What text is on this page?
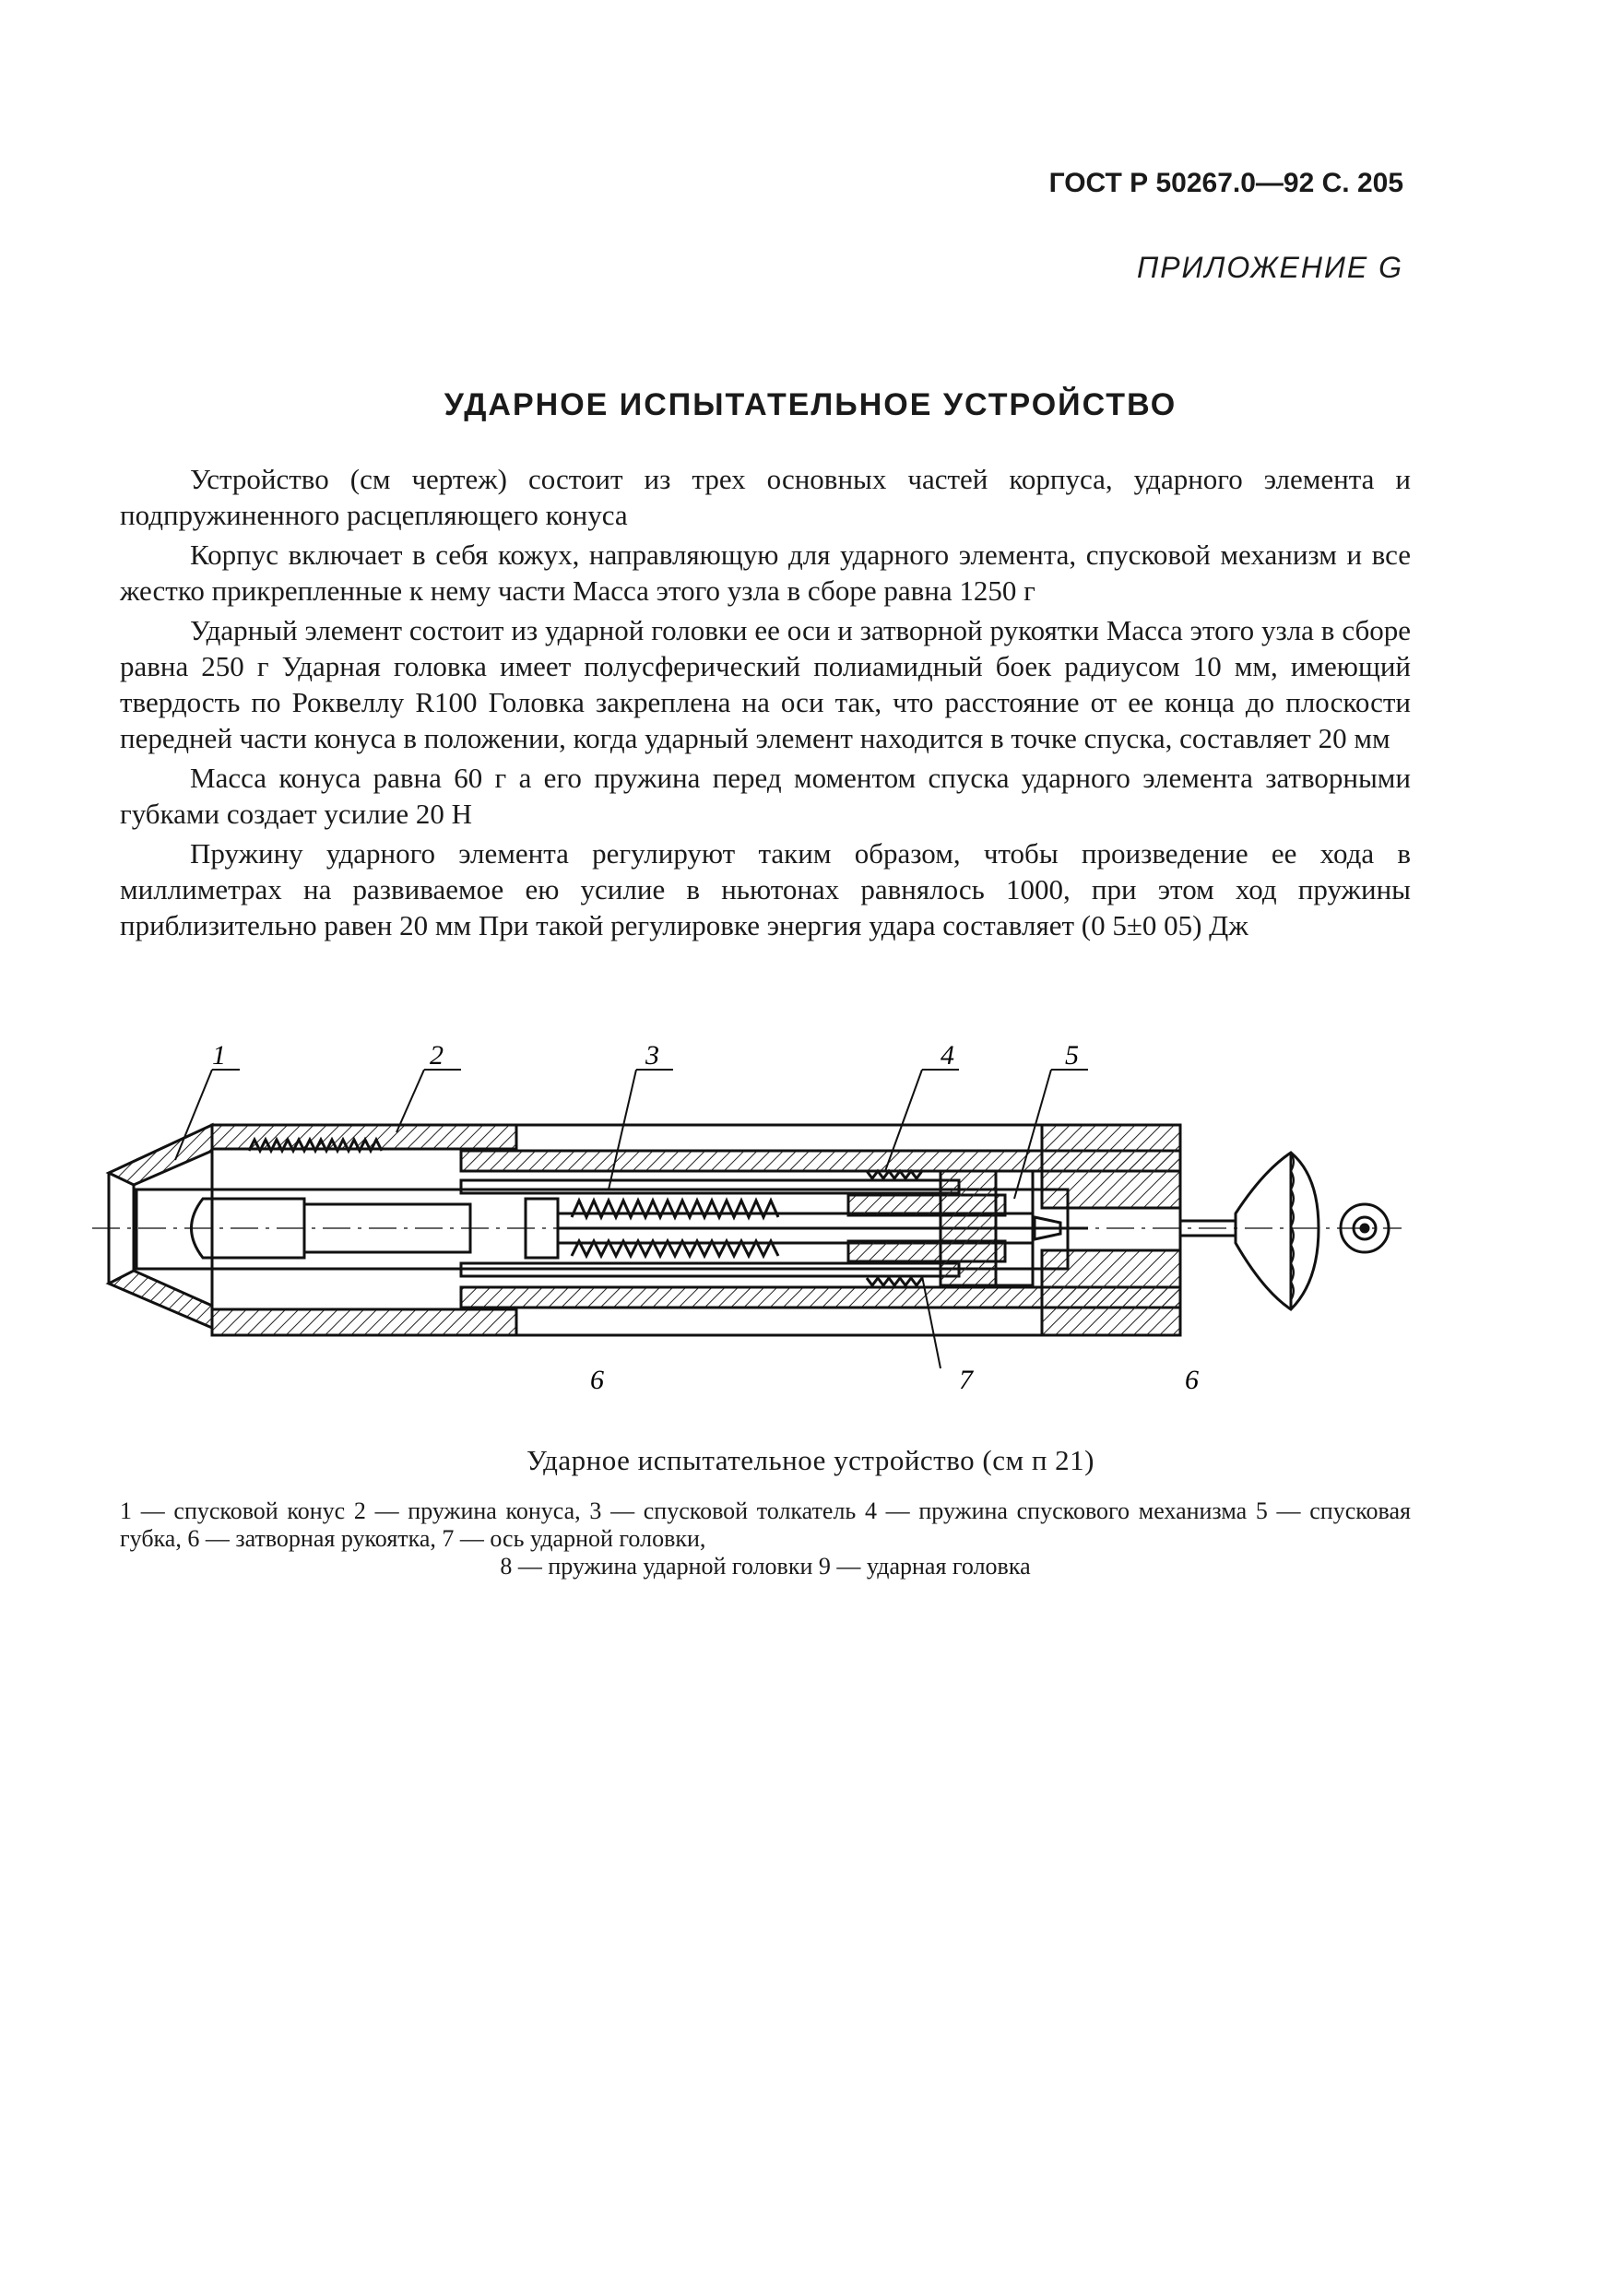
ГОСТ Р 50267.0—92 С. 205
ПРИЛОЖЕНИЕ G
УДАРНОЕ ИСПЫТАТЕЛЬНОЕ УСТРОЙСТВО

Устройство (см чертеж) состоит из трех основных частей корпуса, ударного элемента и подпружиненного расцепляющего конуса

Корпус включает в себя кожух, направляющую для ударного элемента, спусковой механизм и все жестко прикрепленные к нему части Масса этого узла в сборе равна 1250 г

Ударный элемент состоит из ударной головки ее оси и затворной рукоятки Масса этого узла в сборе равна 250 г Ударная головка имеет полусферический полиамидный боек радиусом 10 мм, имеющий твердость по Роквеллу R100 Головка закреплена на оси так, что расстояние от ее конца до плоскости передней части конуса в положении, когда ударный элемент находится в точке спуска, составляет 20 мм

Масса конуса равна 60 г а его пружина перед моментом спуска ударного элемента затворными губками создает усилие 20 Н

Пружину ударного элемента регулируют таким образом, чтобы произведение ее хода в миллиметрах на развиваемое ею усилие в ньютонах равнялось 1000, при этом ход пружины приблизительно равен 20 мм При такой регулировке энергия удара составляет (0 5±0 05) Дж

1	2	3	4	5
6	7	6
Ударное испытательное устройство (см п 21)
1 — спусковой конус 2 — пружина конуса, 3 — спусковой толкатель 4 — пружина спускового механизма 5 — спусковая губка, 6 — затворная рукоятка, 7 — ось ударной головки,
8 — пружина ударной головки 9 — ударная головка
